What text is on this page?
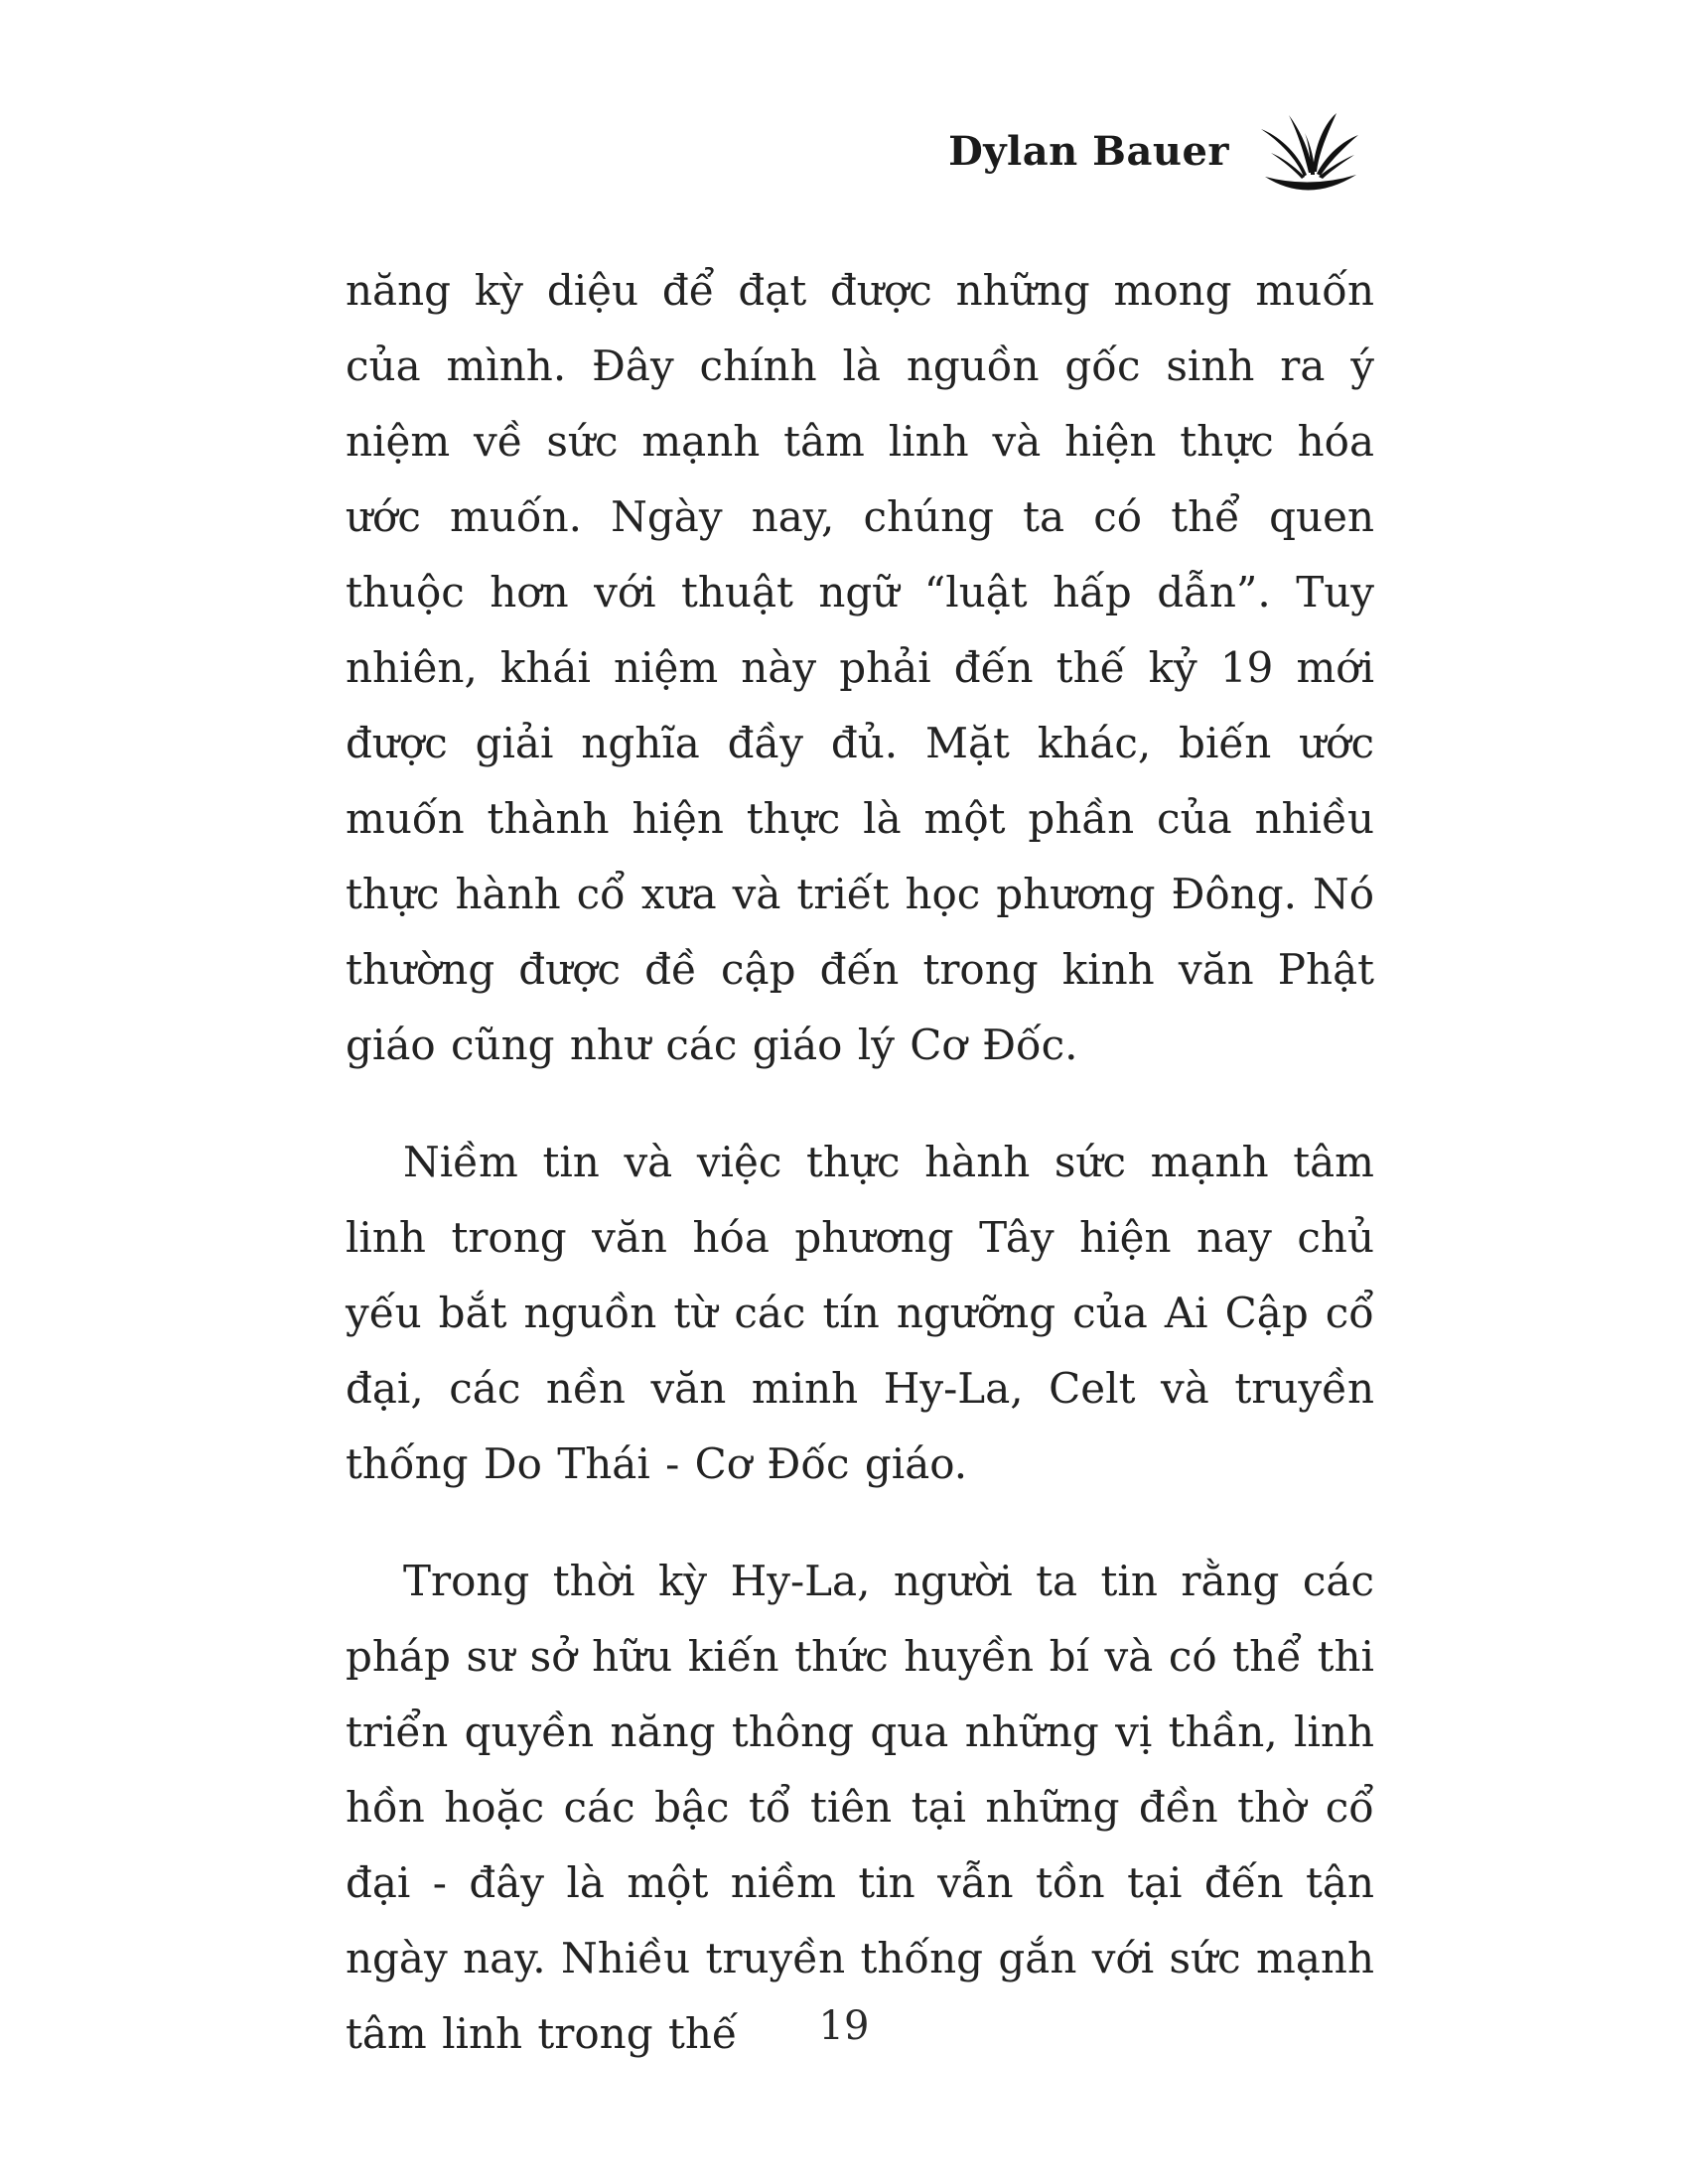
Dylan Bauer

năng kỳ diệu để đạt được những mong muốn của mình. Đây chính là nguồn gốc sinh ra ý niệm về sức mạnh tâm linh và hiện thực hóa ước muốn. Ngày nay, chúng ta có thể quen thuộc hơn với thuật ngữ “luật hấp dẫn”. Tuy nhiên, khái niệm này phải đến thế kỷ 19 mới được giải nghĩa đầy đủ. Mặt khác, biến ước muốn thành hiện thực là một phần của nhiều thực hành cổ xưa và triết học phương Đông. Nó thường được đề cập đến trong kinh văn Phật giáo cũng như các giáo lý Cơ Đốc.

Niềm tin và việc thực hành sức mạnh tâm linh trong văn hóa phương Tây hiện nay chủ yếu bắt nguồn từ các tín ngưỡng của Ai Cập cổ đại, các nền văn minh Hy-La, Celt và truyền thống Do Thái - Cơ Đốc giáo.

Trong thời kỳ Hy-La, người ta tin rằng các pháp sư sở hữu kiến thức huyền bí và có thể thi triển quyền năng thông qua những vị thần, linh hồn hoặc các bậc tổ tiên tại những đền thờ cổ đại - đây là một niềm tin vẫn tồn tại đến tận ngày nay. Nhiều truyền thống gắn với sức mạnh tâm linh trong thế	19
